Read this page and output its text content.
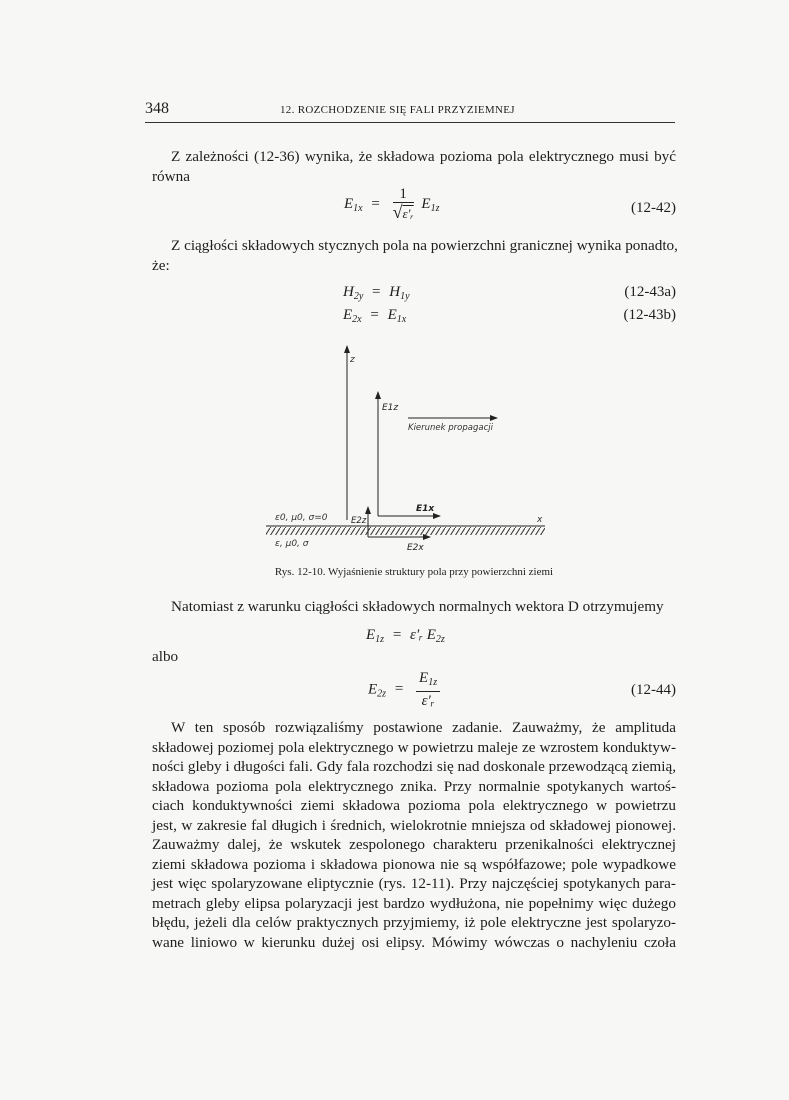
348	12. ROZCHODZENIE SIĘ FALI PRZYZIEMNEJ
Z zależności (12-36) wynika, że składowa pozioma pola elektrycznego musi być
równa
$E_{1x} = \frac{1}{\text{√ε′ᵣ}} E_{1z}$	(12-42)
Z ciągłości składowych stycznych pola na powierzchni granicznej wynika ponadto,
że:
$H_{2y} = H_{1y}$	(12-43a)
$E_{2x} = E_{1x}$	(12-43b)
z
E1z
Kierunek propagacji
E1x
x
E2z
E2x
ε0, μ0, σ=0
ε, μ0, σ
Rys. 12-10. Wyjaśnienie struktury pola przy powierzchni ziemi
Natomiast z warunku ciągłości składowych normalnych wektora D otrzymujemy
$E_{1z}$ = ε′ᵣ $E_{2z}$
albo
$E_{2z} = \frac{E_{1z}}{\text{ε′ᵣ}}$	(12-44)
W ten sposób rozwiązaliśmy postawione zadanie. Zauważmy, że amplituda
składowej poziomej pola elektrycznego w powietrzu maleje ze wzrostem konduktyw-
ności gleby i długości fali. Gdy fala rozchodzi się nad doskonale przewodzącą ziemią,
składowa pozioma pola elektrycznego znika. Przy normalnie spotykanych wartoś-
ciach konduktywności ziemi składowa pozioma pola elektrycznego w powietrzu
jest, w zakresie fal długich i średnich, wielokrotnie mniejsza od składowej pionowej.
Zauważmy dalej, że wskutek zespolonego charakteru przenikalności elektrycznej
ziemi składowa pozioma i składowa pionowa nie są współfazowe; pole wypadkowe
jest więc spolaryzowane eliptycznie (rys. 12-11). Przy najczęściej spotykanych para-
metrach gleby elipsa polaryzacji jest bardzo wydłużona, nie popełnimy więc dużego
błędu, jeżeli dla celów praktycznych przyjmiemy, iż pole elektryczne jest spolaryzo-
wane liniowo w kierunku dużej osi elipsy. Mówimy wówczas o nachyleniu czoła
